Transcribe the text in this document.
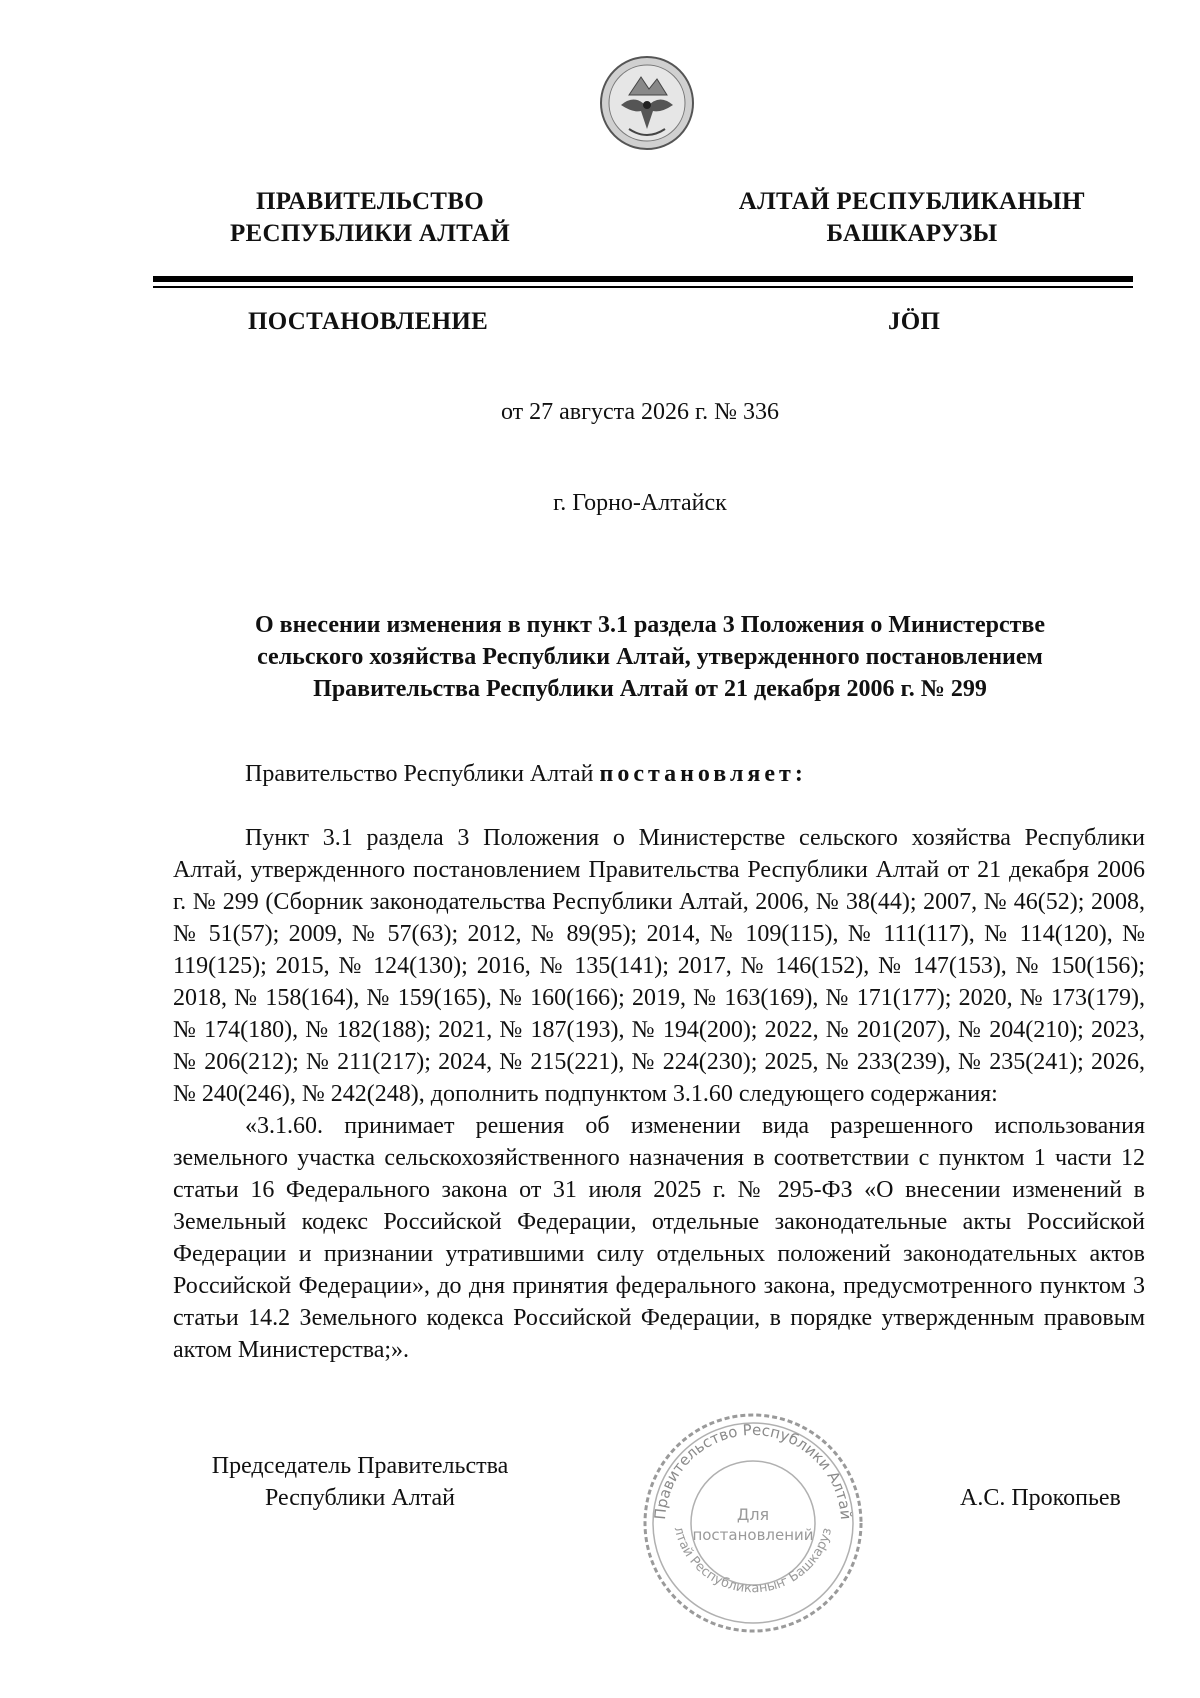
ПРАВИТЕЛЬСТВО
РЕСПУБЛИКИ АЛТАЙ
АЛТАЙ РЕСПУБЛИКАНЫҤ
БАШКАРУЗЫ
ПОСТАНОВЛЕНИЕ	JӦП
от 27 августа 2026 г. № 336
г. Горно-Алтайск
О внесении изменения в пункт 3.1 раздела 3 Положения о Министерстве
сельского хозяйства Республики Алтай, утвержденного постановлением
Правительства Республики Алтай от 21 декабря 2006 г. № 299
Правительство Республики Алтай постановляет:

Пункт 3.1 раздела 3 Положения о Министерстве сельского хозяйства Республики Алтай, утвержденного постановлением Правительства Республики Алтай от 21 декабря 2006 г. № 299 (Сборник законодательства Республики Алтай, 2006, № 38(44); 2007, № 46(52); 2008, № 51(57); 2009, № 57(63); 2012, № 89(95); 2014, № 109(115), № 111(117), № 114(120), № 119(125); 2015, № 124(130); 2016, № 135(141); 2017, № 146(152), № 147(153), № 150(156); 2018, № 158(164), № 159(165), № 160(166); 2019, № 163(169), № 171(177); 2020, № 173(179), № 174(180), № 182(188); 2021, № 187(193), № 194(200); 2022, № 201(207), № 204(210); 2023, № 206(212); № 211(217); 2024, № 215(221), № 224(230); 2025, № 233(239), № 235(241); 2026, № 240(246), № 242(248), дополнить подпунктом 3.1.60 следующего содержания:

«3.1.60. принимает решения об изменении вида разрешенного использования земельного участка сельскохозяйственного назначения в соответствии с пунктом 1 части 12 статьи 16 Федерального закона от 31 июля 2025 г. № 295-ФЗ «О внесении изменений в Земельный кодекс Российской Федерации, отдельные законодательные акты Российской Федерации и признании утратившими силу отдельных положений законодательных актов Российской Федерации», до дня принятия федерального закона, предусмотренного пунктом 3 статьи 14.2 Земельного кодекса Российской Федерации, в порядке утвержденным правовым актом Министерства;».

Председатель Правительства
Республики Алтай	А.С. Прокопьев
Правительство Республики Алтай
лтай Республиканыҥ Башкаруз
Для
постановлений
